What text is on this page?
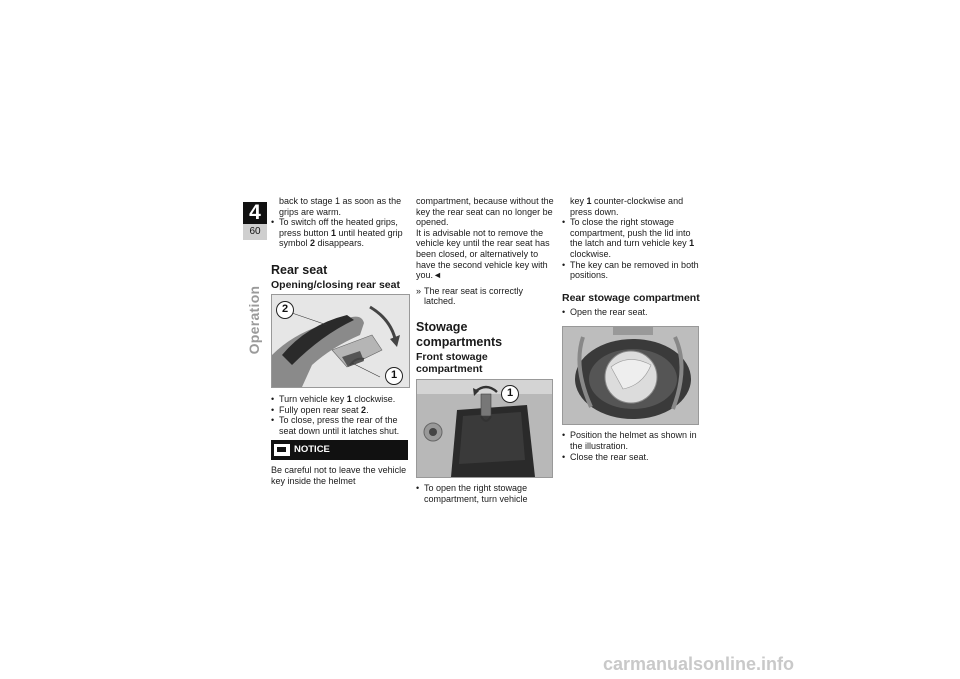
4
60
Operation

back to stage 1 as soon as the grips are warm.

• To switch off the heated grips, press button 1 until heated grip symbol 2 disappears.
Rear seat
Opening/closing rear seat
2
1
• Turn vehicle key 1 clockwise.
• Fully open rear seat 2.
• To close, press the rear of the seat down until it latches shut.
NOTICE

Be careful not to leave the vehicle key inside the helmet

compartment, because without the key the rear seat can no longer be opened.

It is advisable not to remove the vehicle key until the rear seat has been closed, or alternatively to have the second vehicle key with you.◄

» The rear seat is correctly latched.
Stowage compartments
Front stowage compartment
1
• To open the right stowage compartment, turn vehicle

key 1 counter-clockwise and press down.

• To close the right stowage compartment, push the lid into the latch and turn vehicle key 1 clockwise.
• The key can be removed in both positions.
Rear stowage compartment
• Open the rear seat.
• Position the helmet as shown in the illustration.
• Close the rear seat.
carmanualsonline.info
